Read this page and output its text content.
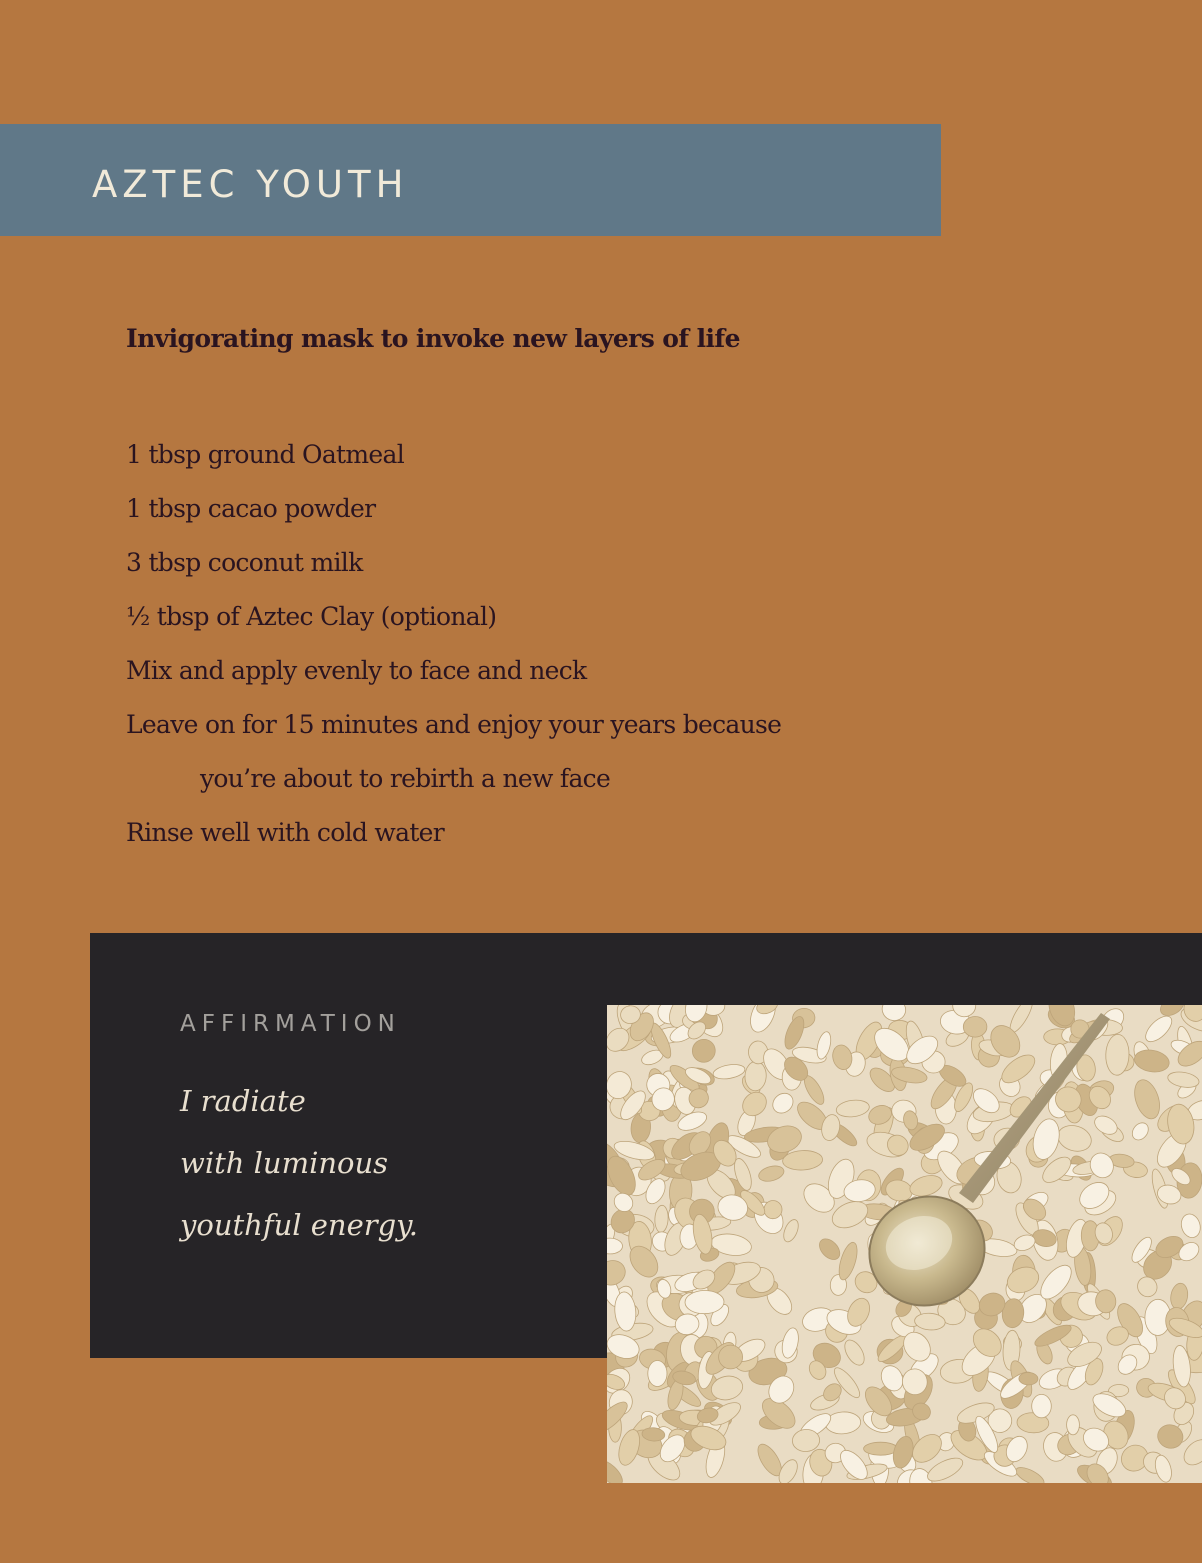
AZTEC YOUTH
Invigorating mask to invoke new layers of life
1 tbsp ground Oatmeal
1 tbsp cacao powder
3 tbsp coconut milk
½ tbsp of Aztec Clay (optional)
Mix and apply evenly to face and neck
Leave on for 15 minutes and enjoy your years because
you’re about to rebirth a new face
Rinse well with cold water
AFFIRMATION
I radiate
with luminous
youthful energy.
